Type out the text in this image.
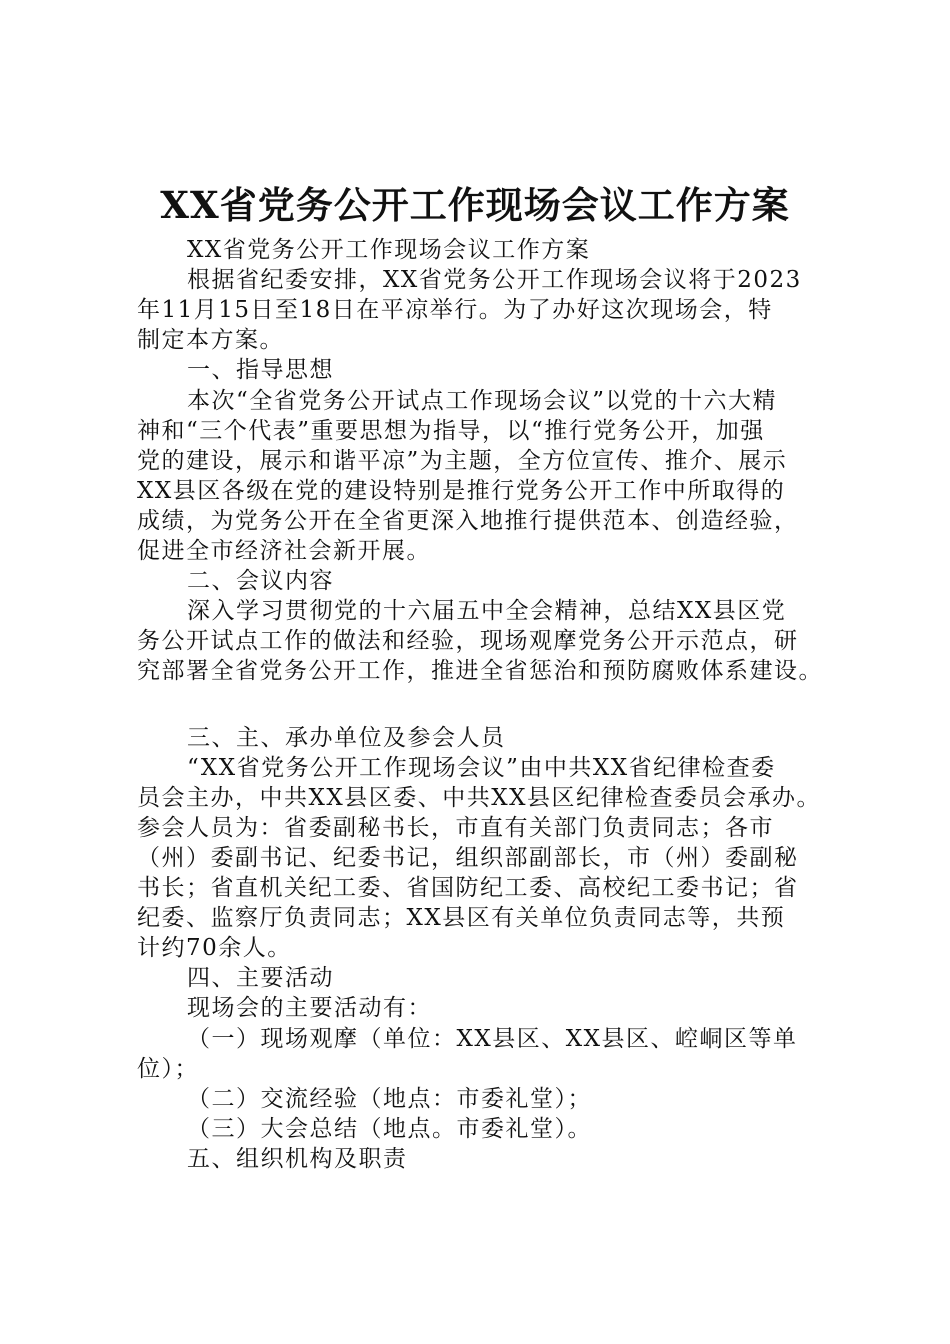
XX省党务公开工作现场会议工作方案
XX省党务公开工作现场会议工作方案
根据省纪委安排，XX省党务公开工作现场会议将于2023
年11月15日至18日在平凉举行。为了办好这次现场会，特
制定本方案。
一、指导思想
本次“全省党务公开试点工作现场会议”以党的十六大精
神和“三个代表”重要思想为指导，以“推行党务公开，加强
党的建设，展示和谐平凉”为主题，全方位宣传、推介、展示
XX县区各级在党的建设特别是推行党务公开工作中所取得的
成绩，为党务公开在全省更深入地推行提供范本、创造经验，
促进全市经济社会新开展。
二、会议内容
深入学习贯彻党的十六届五中全会精神，总结XX县区党
务公开试点工作的做法和经验，现场观摩党务公开示范点，研
究部署全省党务公开工作，推进全省惩治和预防腐败体系建设。
三、主、承办单位及参会人员
“XX省党务公开工作现场会议”由中共XX省纪律检查委
员会主办，中共XX县区委、中共XX县区纪律检查委员会承办。
参会人员为：省委副秘书长，市直有关部门负责同志；各市
（州）委副书记、纪委书记，组织部副部长，市（州）委副秘
书长；省直机关纪工委、省国防纪工委、高校纪工委书记；省
纪委、监察厅负责同志；XX县区有关单位负责同志等，共预
计约70余人。
四、主要活动
现场会的主要活动有：
（一）现场观摩（单位：XX县区、XX县区、崆峒区等单
位）；
（二）交流经验（地点：市委礼堂）；
（三）大会总结（地点。市委礼堂）。
五、组织机构及职责
